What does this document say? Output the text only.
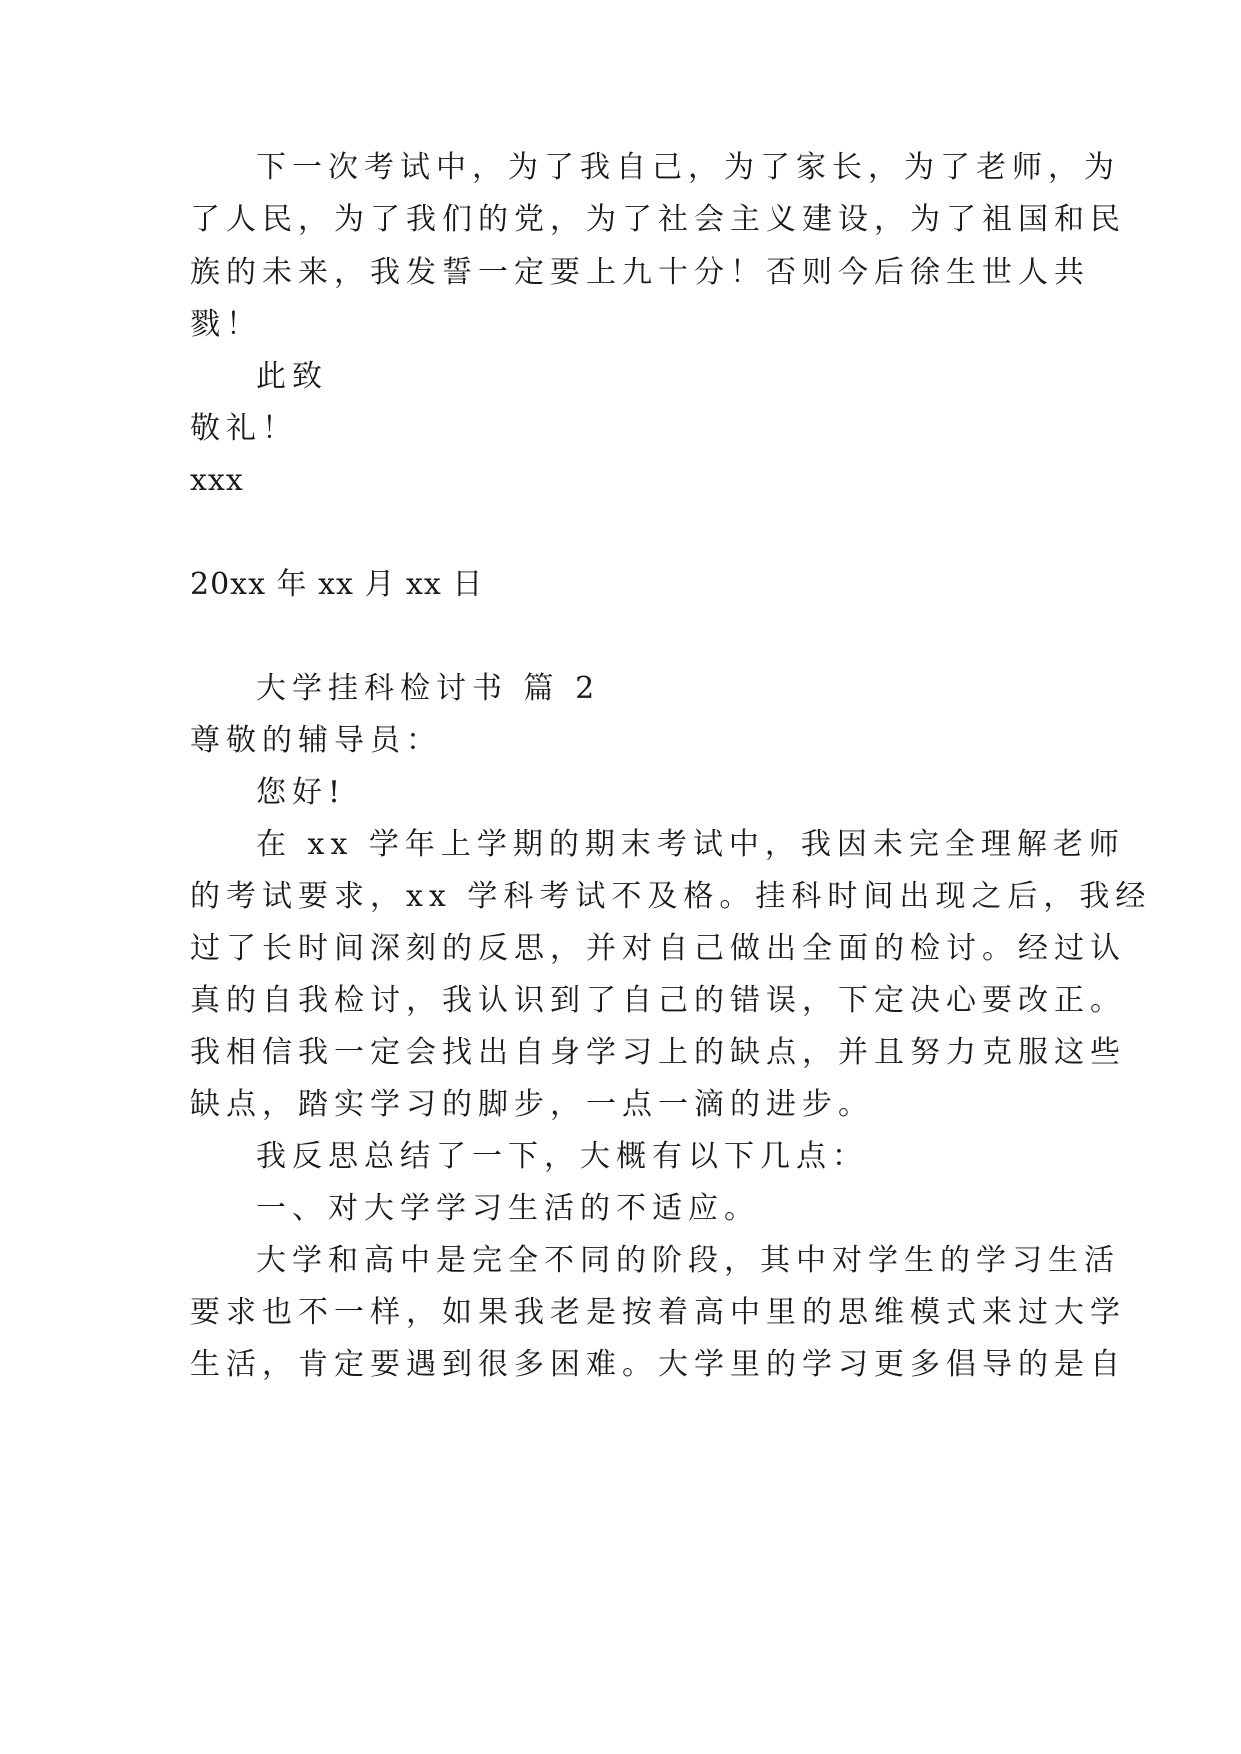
下一次考试中，为了我自己，为了家长，为了老师，为
了人民，为了我们的党，为了社会主义建设，为了祖国和民
族的未来，我发誓一定要上九十分！否则今后徐生世人共
戮！
此致
敬礼！
xxx
20xx 年 xx 月 xx 日
大学挂科检讨书 篇 2
尊敬的辅导员：
您好!
在 xx 学年上学期的期末考试中，我因未完全理解老师
的考试要求，xx 学科考试不及格。挂科时间出现之后，我经
过了长时间深刻的反思，并对自己做出全面的检讨。经过认
真的自我检讨，我认识到了自己的错误，下定决心要改正。
我相信我一定会找出自身学习上的缺点，并且努力克服这些
缺点，踏实学习的脚步，一点一滴的进步。
我反思总结了一下，大概有以下几点：
一、对大学学习生活的不适应。
大学和高中是完全不同的阶段，其中对学生的学习生活
要求也不一样，如果我老是按着高中里的思维模式来过大学
生活，肯定要遇到很多困难。大学里的学习更多倡导的是自
